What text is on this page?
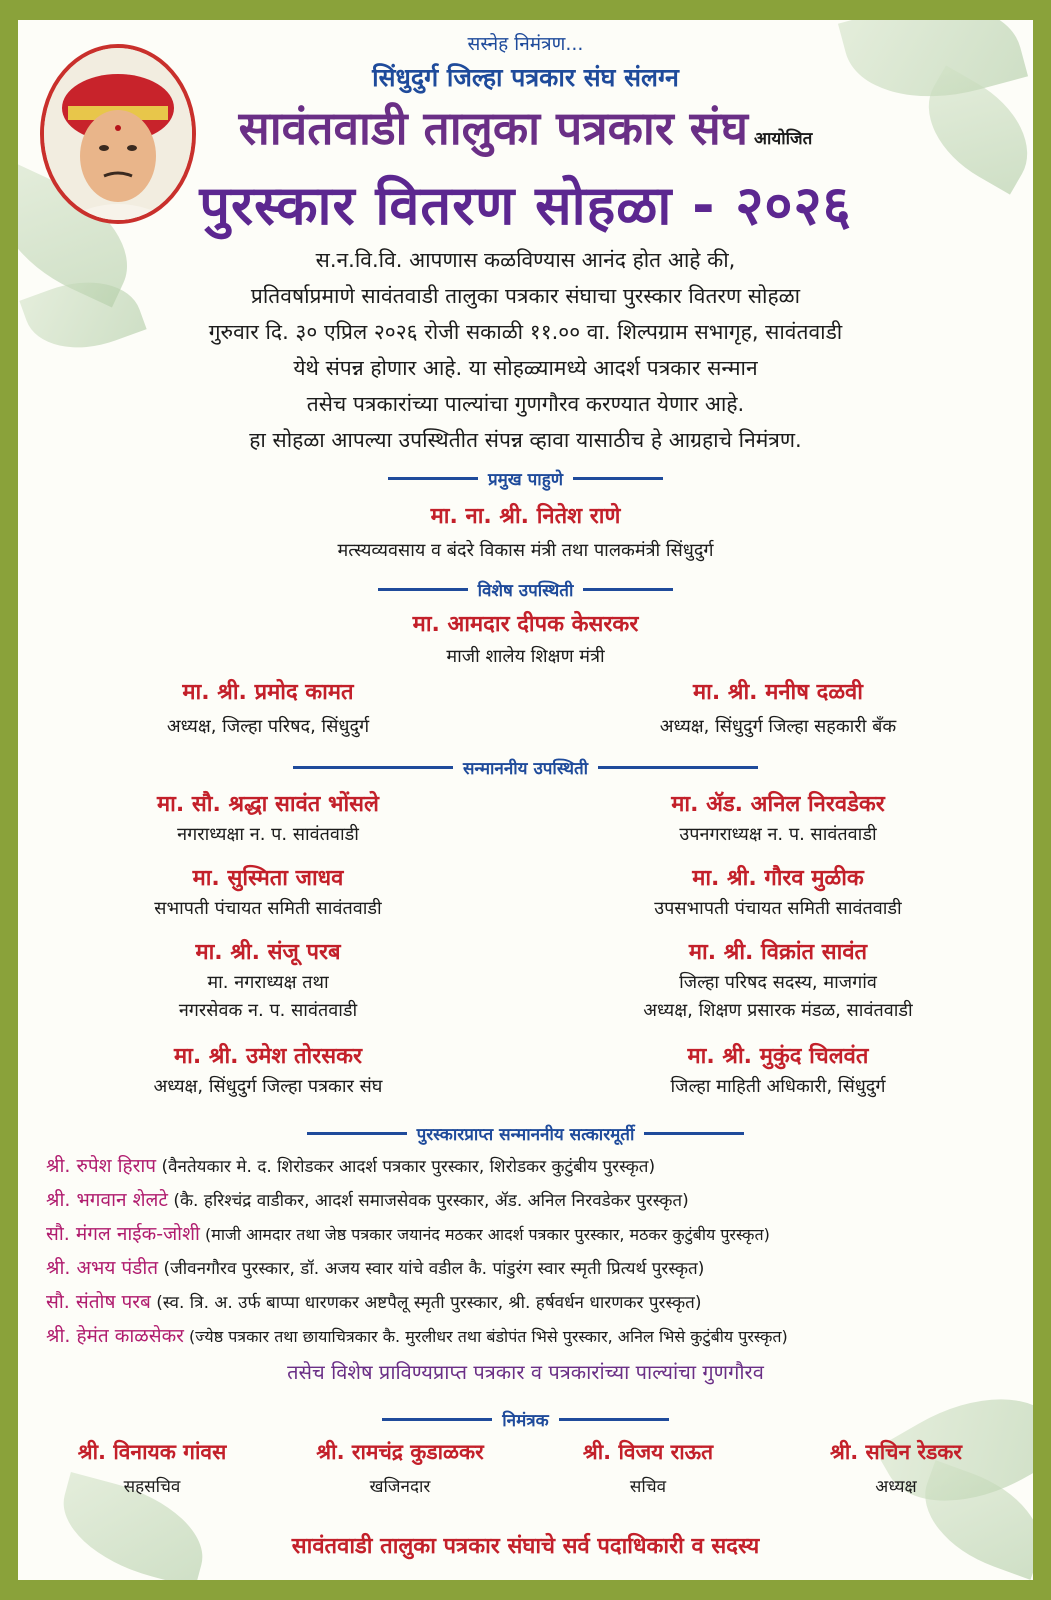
सस्नेह निमंत्रण...
सिंधुदुर्ग जिल्हा पत्रकार संघ संलग्न
सावंतवाडी तालुका पत्रकार संघ आयोजित
पुरस्कार वितरण सोहळा - २०२६
स.न.वि.वि. आपणास कळविण्यास आनंद होत आहे की,
प्रतिवर्षाप्रमाणे सावंतवाडी तालुका पत्रकार संघाचा पुरस्कार वितरण सोहळा
गुरुवार दि. ३० एप्रिल २०२६ रोजी सकाळी ११.०० वा. शिल्पग्राम सभागृह, सावंतवाडी
येथे संपन्न होणार आहे. या सोहळ्यामध्ये आदर्श पत्रकार सन्मान
तसेच पत्रकारांच्या पाल्यांचा गुणगौरव करण्यात येणार आहे.
हा सोहळा आपल्या उपस्थितीत संपन्न व्हावा यासाठीच हे आग्रहाचे निमंत्रण.
प्रमुख पाहुणे
मा. ना. श्री. नितेश राणे
मत्स्यव्यवसाय व बंदरे विकास मंत्री तथा पालकमंत्री सिंधुदुर्ग
विशेष उपस्थिती
मा. आमदार दीपक केसरकर
माजी शालेय शिक्षण मंत्री
मा. श्री. प्रमोद कामत
अध्यक्ष, जिल्हा परिषद, सिंधुदुर्ग
मा. श्री. मनीष दळवी
अध्यक्ष, सिंधुदुर्ग जिल्हा सहकारी बँक
सन्माननीय उपस्थिती
मा. सौ. श्रद्धा सावंत भोंसले
नगराध्यक्षा न. प. सावंतवाडी
मा. ॲड. अनिल निरवडेकर
उपनगराध्यक्ष न. प. सावंतवाडी
मा. सुस्मिता जाधव
सभापती पंचायत समिती सावंतवाडी
मा. श्री. गौरव मुळीक
उपसभापती पंचायत समिती सावंतवाडी
मा. श्री. संजू परब
मा. नगराध्यक्ष तथा
नगरसेवक न. प. सावंतवाडी
मा. श्री. विक्रांत सावंत
जिल्हा परिषद सदस्य, माजगांव
अध्यक्ष, शिक्षण प्रसारक मंडळ, सावंतवाडी
मा. श्री. उमेश तोरसकर
अध्यक्ष, सिंधुदुर्ग जिल्हा पत्रकार संघ
मा. श्री. मुकुंद चिलवंत
जिल्हा माहिती अधिकारी, सिंधुदुर्ग
पुरस्कारप्राप्त सन्माननीय सत्कारमूर्ती
श्री. रुपेश हिराप (वैनतेयकार मे. द. शिरोडकर आदर्श पत्रकार पुरस्कार, शिरोडकर कुटुंबीय पुरस्कृत)
श्री. भगवान शेलटे (कै. हरिश्चंद्र वाडीकर, आदर्श समाजसेवक पुरस्कार, ॲड. अनिल निरवडेकर पुरस्कृत)
सौ. मंगल नाईक-जोशी (माजी आमदार तथा जेष्ठ पत्रकार जयानंद मठकर आदर्श पत्रकार पुरस्कार, मठकर कुटुंबीय पुरस्कृत)
श्री. अभय पंडीत (जीवनगौरव पुरस्कार, डॉ. अजय स्वार यांचे वडील कै. पांडुरंग स्वार स्मृती प्रित्यर्थ पुरस्कृत)
सौ. संतोष परब (स्व. त्रि. अ. उर्फ बाप्पा धारणकर अष्टपैलू स्मृती पुरस्कार, श्री. हर्षवर्धन धारणकर पुरस्कृत)
श्री. हेमंत काळसेकर (ज्येष्ठ पत्रकार तथा छायाचित्रकार कै. मुरलीधर तथा बंडोपंत भिसे पुरस्कार, अनिल भिसे कुटुंबीय पुरस्कृत)
तसेच विशेष प्राविण्यप्राप्त पत्रकार व पत्रकारांच्या पाल्यांचा गुणगौरव
निमंत्रक
श्री. विनायक गांवस
सहसचिव
श्री. रामचंद्र कुडाळकर
खजिनदार
श्री. विजय राऊत
सचिव
श्री. सचिन रेडकर
अध्यक्ष
सावंतवाडी तालुका पत्रकार संघाचे सर्व पदाधिकारी व सदस्य
